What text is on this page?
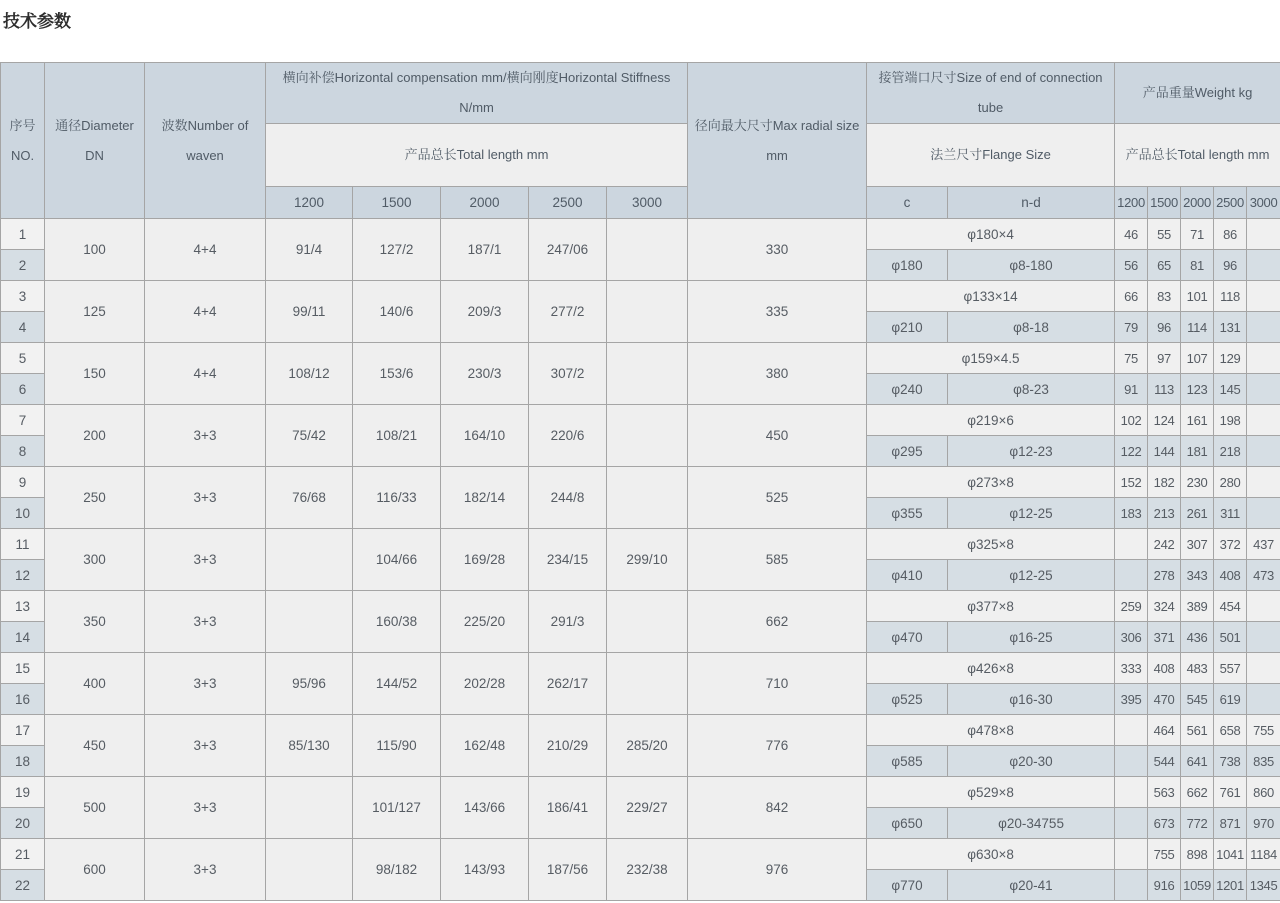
技术参数
序号 NO.	通径Diameter DN	波数Number of waven	横向补偿Horizontal compensation mm/横向刚度Horizontal Stiffness N/mm					径向最大尺寸Max radial size mm	接管端口尺寸Size of end of connection tube		产品重量Weight kg				
			产品总长Total length mm						法兰尺寸Flange Size		产品总长Total length mm				
			1200	1500	2000	2500	3000		c	n-d	1200	1500	2000	2500	3000
1	100	4+4	91/4	127/2	187/1	247/06		330	φ180×4		46	55	71	86	
2									φ180	φ8-180	56	65	81	96	
3	125	4+4	99/11	140/6	209/3	277/2		335	φ133×14		66	83	101	118	
4									φ210	φ8-18	79	96	114	131	
5	150	4+4	108/12	153/6	230/3	307/2		380	φ159×4.5		75	97	107	129	
6									φ240	φ8-23	91	113	123	145	
7	200	3+3	75/42	108/21	164/10	220/6		450	φ219×6		102	124	161	198	
8									φ295	φ12-23	122	144	181	218	
9	250	3+3	76/68	116/33	182/14	244/8		525	φ273×8		152	182	230	280	
10									φ355	φ12-25	183	213	261	311	
11	300	3+3		104/66	169/28	234/15	299/10	585	φ325×8			242	307	372	437
12									φ410	φ12-25		278	343	408	473
13	350	3+3		160/38	225/20	291/3		662	φ377×8		259	324	389	454	
14									φ470	φ16-25	306	371	436	501	
15	400	3+3	95/96	144/52	202/28	262/17		710	φ426×8		333	408	483	557	
16									φ525	φ16-30	395	470	545	619	
17	450	3+3	85/130	115/90	162/48	210/29	285/20	776	φ478×8			464	561	658	755
18									φ585	φ20-30		544	641	738	835
19	500	3+3		101/127	143/66	186/41	229/27	842	φ529×8			563	662	761	860
20									φ650	φ20-34755		673	772	871	970
21	600	3+3		98/182	143/93	187/56	232/38	976	φ630×8			755	898	1041	1184
22									φ770	φ20-41		916	1059	1201	1345
